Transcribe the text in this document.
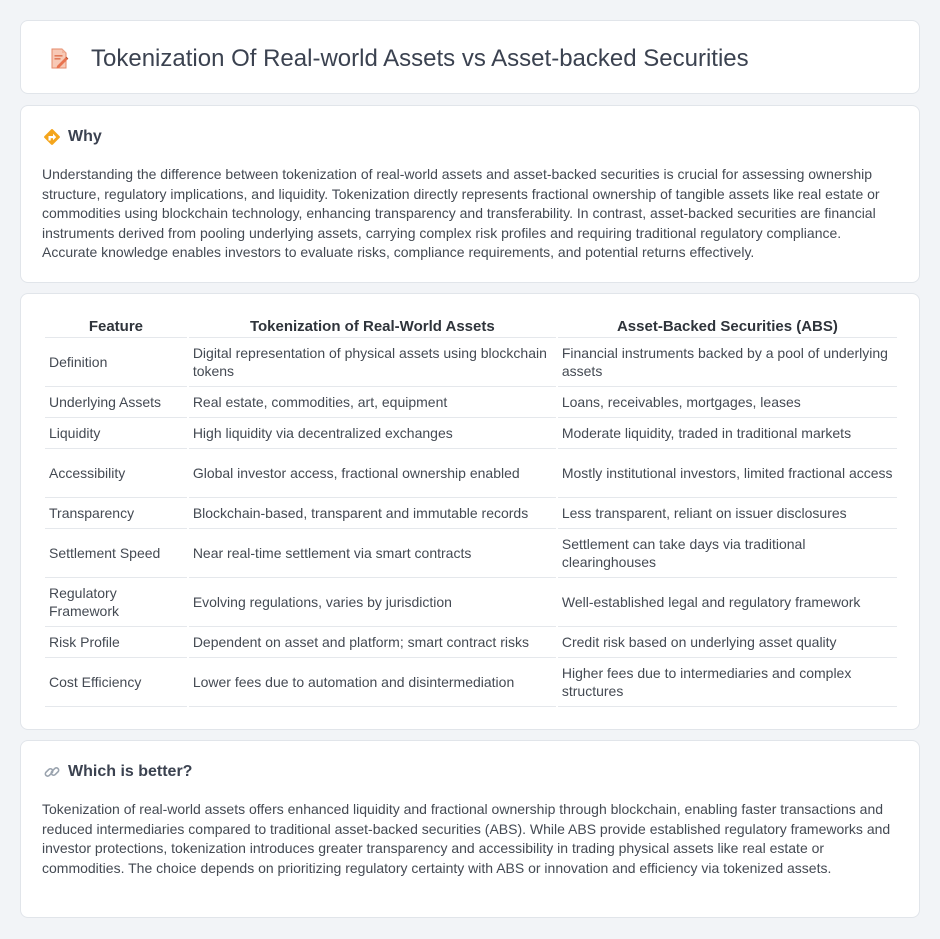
Tokenization Of Real-world Assets vs Asset-backed Securities
Why

Understanding the difference between tokenization of real-world assets and asset-backed securities is crucial for assessing ownership structure, regulatory implications, and liquidity. Tokenization directly represents fractional ownership of tangible assets like real estate or commodities using blockchain technology, enhancing transparency and transferability. In contrast, asset-backed securities are financial instruments derived from pooling underlying assets, carrying complex risk profiles and requiring traditional regulatory compliance. Accurate knowledge enables investors to evaluate risks, compliance requirements, and potential returns effectively.

Feature	Tokenization of Real-World Assets	Asset-Backed Securities (ABS)
Definition	Digital representation of physical assets using blockchain tokens	Financial instruments backed by a pool of underlying assets
Underlying Assets	Real estate, commodities, art, equipment	Loans, receivables, mortgages, leases
Liquidity	High liquidity via decentralized exchanges	Moderate liquidity, traded in traditional markets
Accessibility	Global investor access, fractional ownership enabled	Mostly institutional investors, limited fractional access
Transparency	Blockchain-based, transparent and immutable records	Less transparent, reliant on issuer disclosures
Settlement Speed	Near real-time settlement via smart contracts	Settlement can take days via traditional clearinghouses
Regulatory Framework	Evolving regulations, varies by jurisdiction	Well-established legal and regulatory framework
Risk Profile	Dependent on asset and platform; smart contract risks	Credit risk based on underlying asset quality
Cost Efficiency	Lower fees due to automation and disintermediation	Higher fees due to intermediaries and complex structures
Which is better?

Tokenization of real-world assets offers enhanced liquidity and fractional ownership through blockchain, enabling faster transactions and reduced intermediaries compared to traditional asset-backed securities (ABS). While ABS provide established regulatory frameworks and investor protections, tokenization introduces greater transparency and accessibility in trading physical assets like real estate or commodities. The choice depends on prioritizing regulatory certainty with ABS or innovation and efficiency via tokenized assets.
